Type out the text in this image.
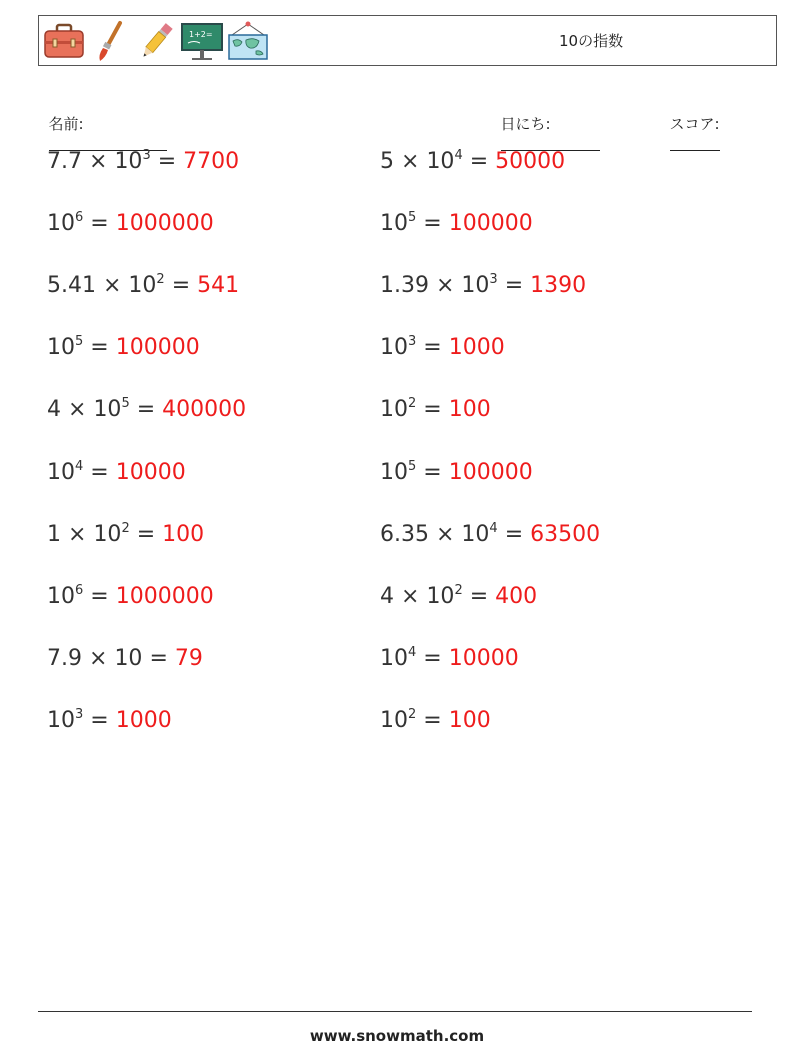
1+2=	10の指数

名前:
	日にち:
	スコア:

$7.7 \times 10^3 = 7700$	$5 \times 10^4 = 50000$
$10^6 = 1000000$	$10^5 = 100000$
$5.41 \times 10^2 = 541$	$1.39 \times 10^3 = 1390$
$10^5 = 100000$	$10^3 = 1000$
$4 \times 10^5 = 400000$	$10^2 = 100$
$10^4 = 10000$	$10^5 = 100000$
$1 \times 10^2 = 100$	$6.35 \times 10^4 = 63500$
$10^6 = 1000000$	$4 \times 10^2 = 400$
7.9 × 10 = 79	$10^4 = 10000$
$10^3 = 1000$	$10^2 = 100$
www.snowmath.com
